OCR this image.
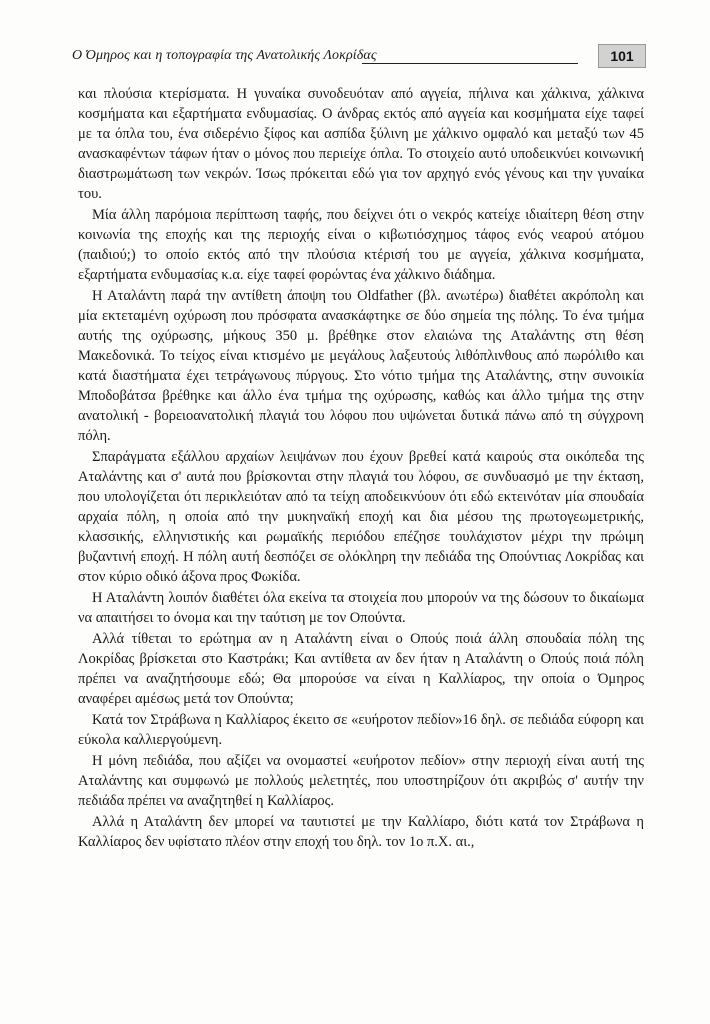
Ο Όμηρος και η τοπογραφία της Ανατολικής Λοκρίδας	101

και πλούσια κτερίσματα. Η γυναίκα συνοδευόταν από αγγεία, πήλινα και χάλκινα, χάλκινα κοσμήματα και εξαρτήματα ενδυμασίας. Ο άνδρας εκτός από αγγεία και κοσμήματα είχε ταφεί με τα όπλα του, ένα σιδερένιο ξίφος και ασπίδα ξύλινη με χάλκινο ομφαλό και μεταξύ των 45 ανασκαφέντων τάφων ήταν ο μόνος που περιείχε όπλα. Το στοιχείο αυτό υποδεικνύει κοινωνική διαστρωμάτωση των νεκρών. Ίσως πρόκειται εδώ για τον αρχηγό ενός γένους και την γυναίκα του.

Μία άλλη παρόμοια περίπτωση ταφής, που δείχνει ότι ο νεκρός κατείχε ιδιαίτερη θέση στην κοινωνία της εποχής και της περιοχής είναι ο κιβωτιόσχημος τάφος ενός νεαρού ατόμου (παιδιού;) το οποίο εκτός από την πλούσια κτέρισή του με αγγεία, χάλκινα κοσμήματα, εξαρτήματα ενδυμασίας κ.α. είχε ταφεί φορώντας ένα χάλκινο διάδημα.

Η Αταλάντη παρά την αντίθετη άποψη του Oldfather (βλ. ανωτέρω) διαθέτει ακρόπολη και μία εκτεταμένη οχύρωση που πρόσφατα ανασκάφτηκε σε δύο σημεία της πόλης. Το ένα τμήμα αυτής της οχύρωσης, μήκους 350 μ. βρέθηκε στον ελαιώνα της Αταλάντης στη θέση Μακεδονικά. Το τείχος είναι κτισμένο με μεγάλους λαξευτούς λιθόπλινθους από πωρόλιθο και κατά διαστήματα έχει τετράγωνους πύργους. Στο νότιο τμήμα της Αταλάντης, στην συνοικία Μποδοβάτσα βρέθηκε και άλλο ένα τμήμα της οχύρωσης, καθώς και άλλο τμήμα της στην ανατολική - βορειοανατολική πλαγιά του λόφου που υψώνεται δυτικά πάνω από τη σύγχρονη πόλη.

Σπαράγματα εξάλλου αρχαίων λειψάνων που έχουν βρεθεί κατά καιρούς στα οικόπεδα της Αταλάντης και σ' αυτά που βρίσκονται στην πλαγιά του λόφου, σε συνδυασμό με την έκταση, που υπολογίζεται ότι περικλειόταν από τα τείχη αποδεικνύουν ότι εδώ εκτεινόταν μία σπουδαία αρχαία πόλη, η οποία από την μυκηναϊκή εποχή και δια μέσου της πρωτογεωμετρικής, κλασσικής, ελληνιστικής και ρωμαϊκής περιόδου επέζησε τουλάχιστον μέχρι την πρώιμη βυζαντινή εποχή. Η πόλη αυτή δεσπόζει σε ολόκληρη την πεδιάδα της Οπούντιας Λοκρίδας και στον κύριο οδικό άξονα προς Φωκίδα.

Η Αταλάντη λοιπόν διαθέτει όλα εκείνα τα στοιχεία που μπορούν να της δώσουν το δικαίωμα να απαιτήσει το όνομα και την ταύτιση με τον Οπούντα.

Αλλά τίθεται το ερώτημα αν η Αταλάντη είναι ο Οπούς ποιά άλλη σπουδαία πόλη της Λοκρίδας βρίσκεται στο Καστράκι; Και αντίθετα αν δεν ήταν η Αταλάντη ο Οπούς ποιά πόλη πρέπει να αναζητήσουμε εδώ; Θα μπορούσε να είναι η Καλλίαρος, την οποία ο Όμηρος αναφέρει αμέσως μετά τον Οπούντα;

Κατά τον Στράβωνα η Καλλίαρος έκειτο σε «ευήροτον πεδίον»16 δηλ. σε πεδιάδα εύφορη και εύκολα καλλιεργούμενη.

Η μόνη πεδιάδα, που αξίζει να ονομαστεί «ευήροτον πεδίον» στην περιοχή είναι αυτή της Αταλάντης και συμφωνώ με πολλούς μελετητές, που υποστηρίζουν ότι ακριβώς σ' αυτήν την πεδιάδα πρέπει να αναζητηθεί η Καλλίαρος.

Αλλά η Αταλάντη δεν μπορεί να ταυτιστεί με την Καλλίαρο, διότι κατά τον Στράβωνα η Καλλίαρος δεν υφίστατο πλέον στην εποχή του δηλ. τον 1ο π.Χ. αι.,
